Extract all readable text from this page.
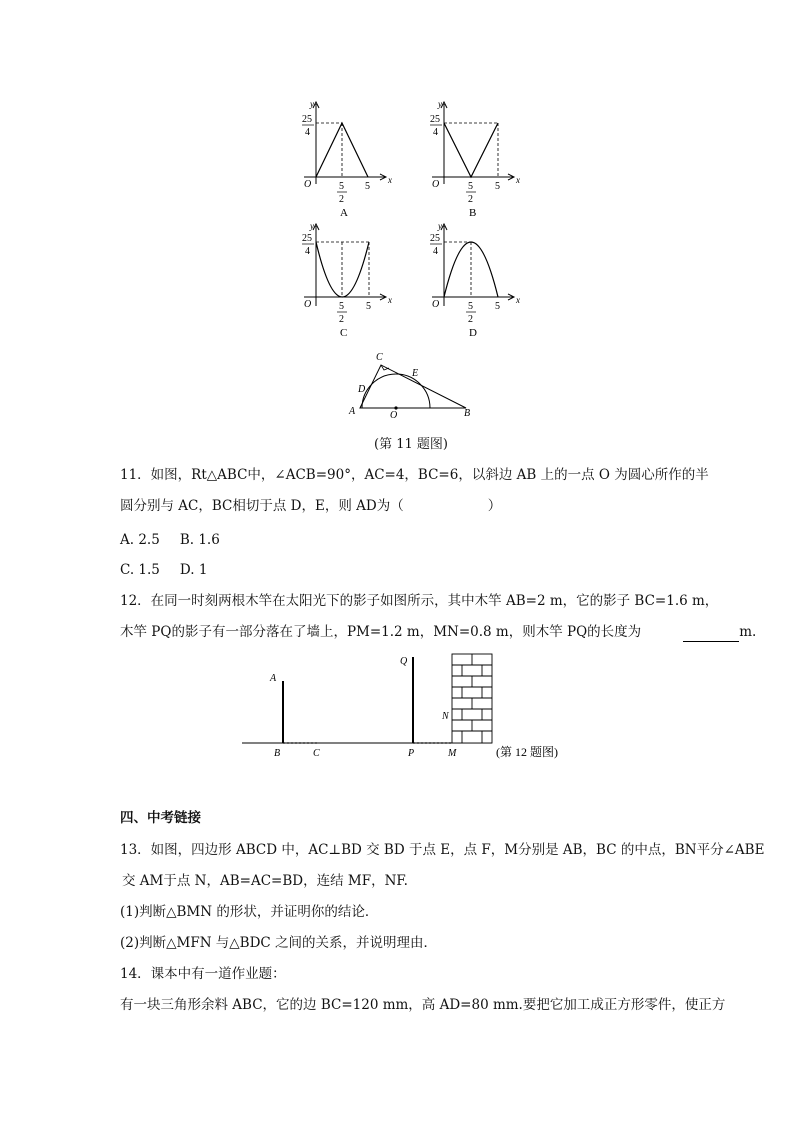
y
x
O
25
4
5
2
5
A
y
x
O
25
4
5
2
5
B
y
x
O
25
4
5
2
5
C
y
x
O
25
4
5
2
5
D
C
D
E
A	O	B
(第 11 题图)
11．如图，Rt△ABC中，∠ACB=90°，AC=4，BC=6，以斜边 AB 上的一点 O 为圆心所作的半
圆分别与 AC，BC相切于点 D，E，则 AD为（	）
A. 2.5 B. 1.6
C. 1.5 D. 1
12．在同一时刻两根木竿在太阳光下的影子如图所示，其中木竿 AB=2 m，它的影子 BC=1.6 m，
木竿 PQ的影子有一部分落在了墙上，PM=1.2 m，MN=0.8 m，则木竿 PQ的长度为	m.
A
B	C
Q
P	M
N
(第 12 题图)
四、中考链接
13．如图，四边形 ABCD 中，AC⊥BD 交 BD 于点 E，点 F，M分别是 AB，BC 的中点，BN平分∠ABE
交 AM于点 N，AB=AC=BD，连结 MF，NF.
(1)判断△BMN 的形状，并证明你的结论．
(2)判断△MFN 与△BDC 之间的关系，并说明理由．
14．课本中有一道作业题：
有一块三角形余料 ABC，它的边 BC=120 mm，高 AD=80 mm.要把它加工成正方形零件，使正方
